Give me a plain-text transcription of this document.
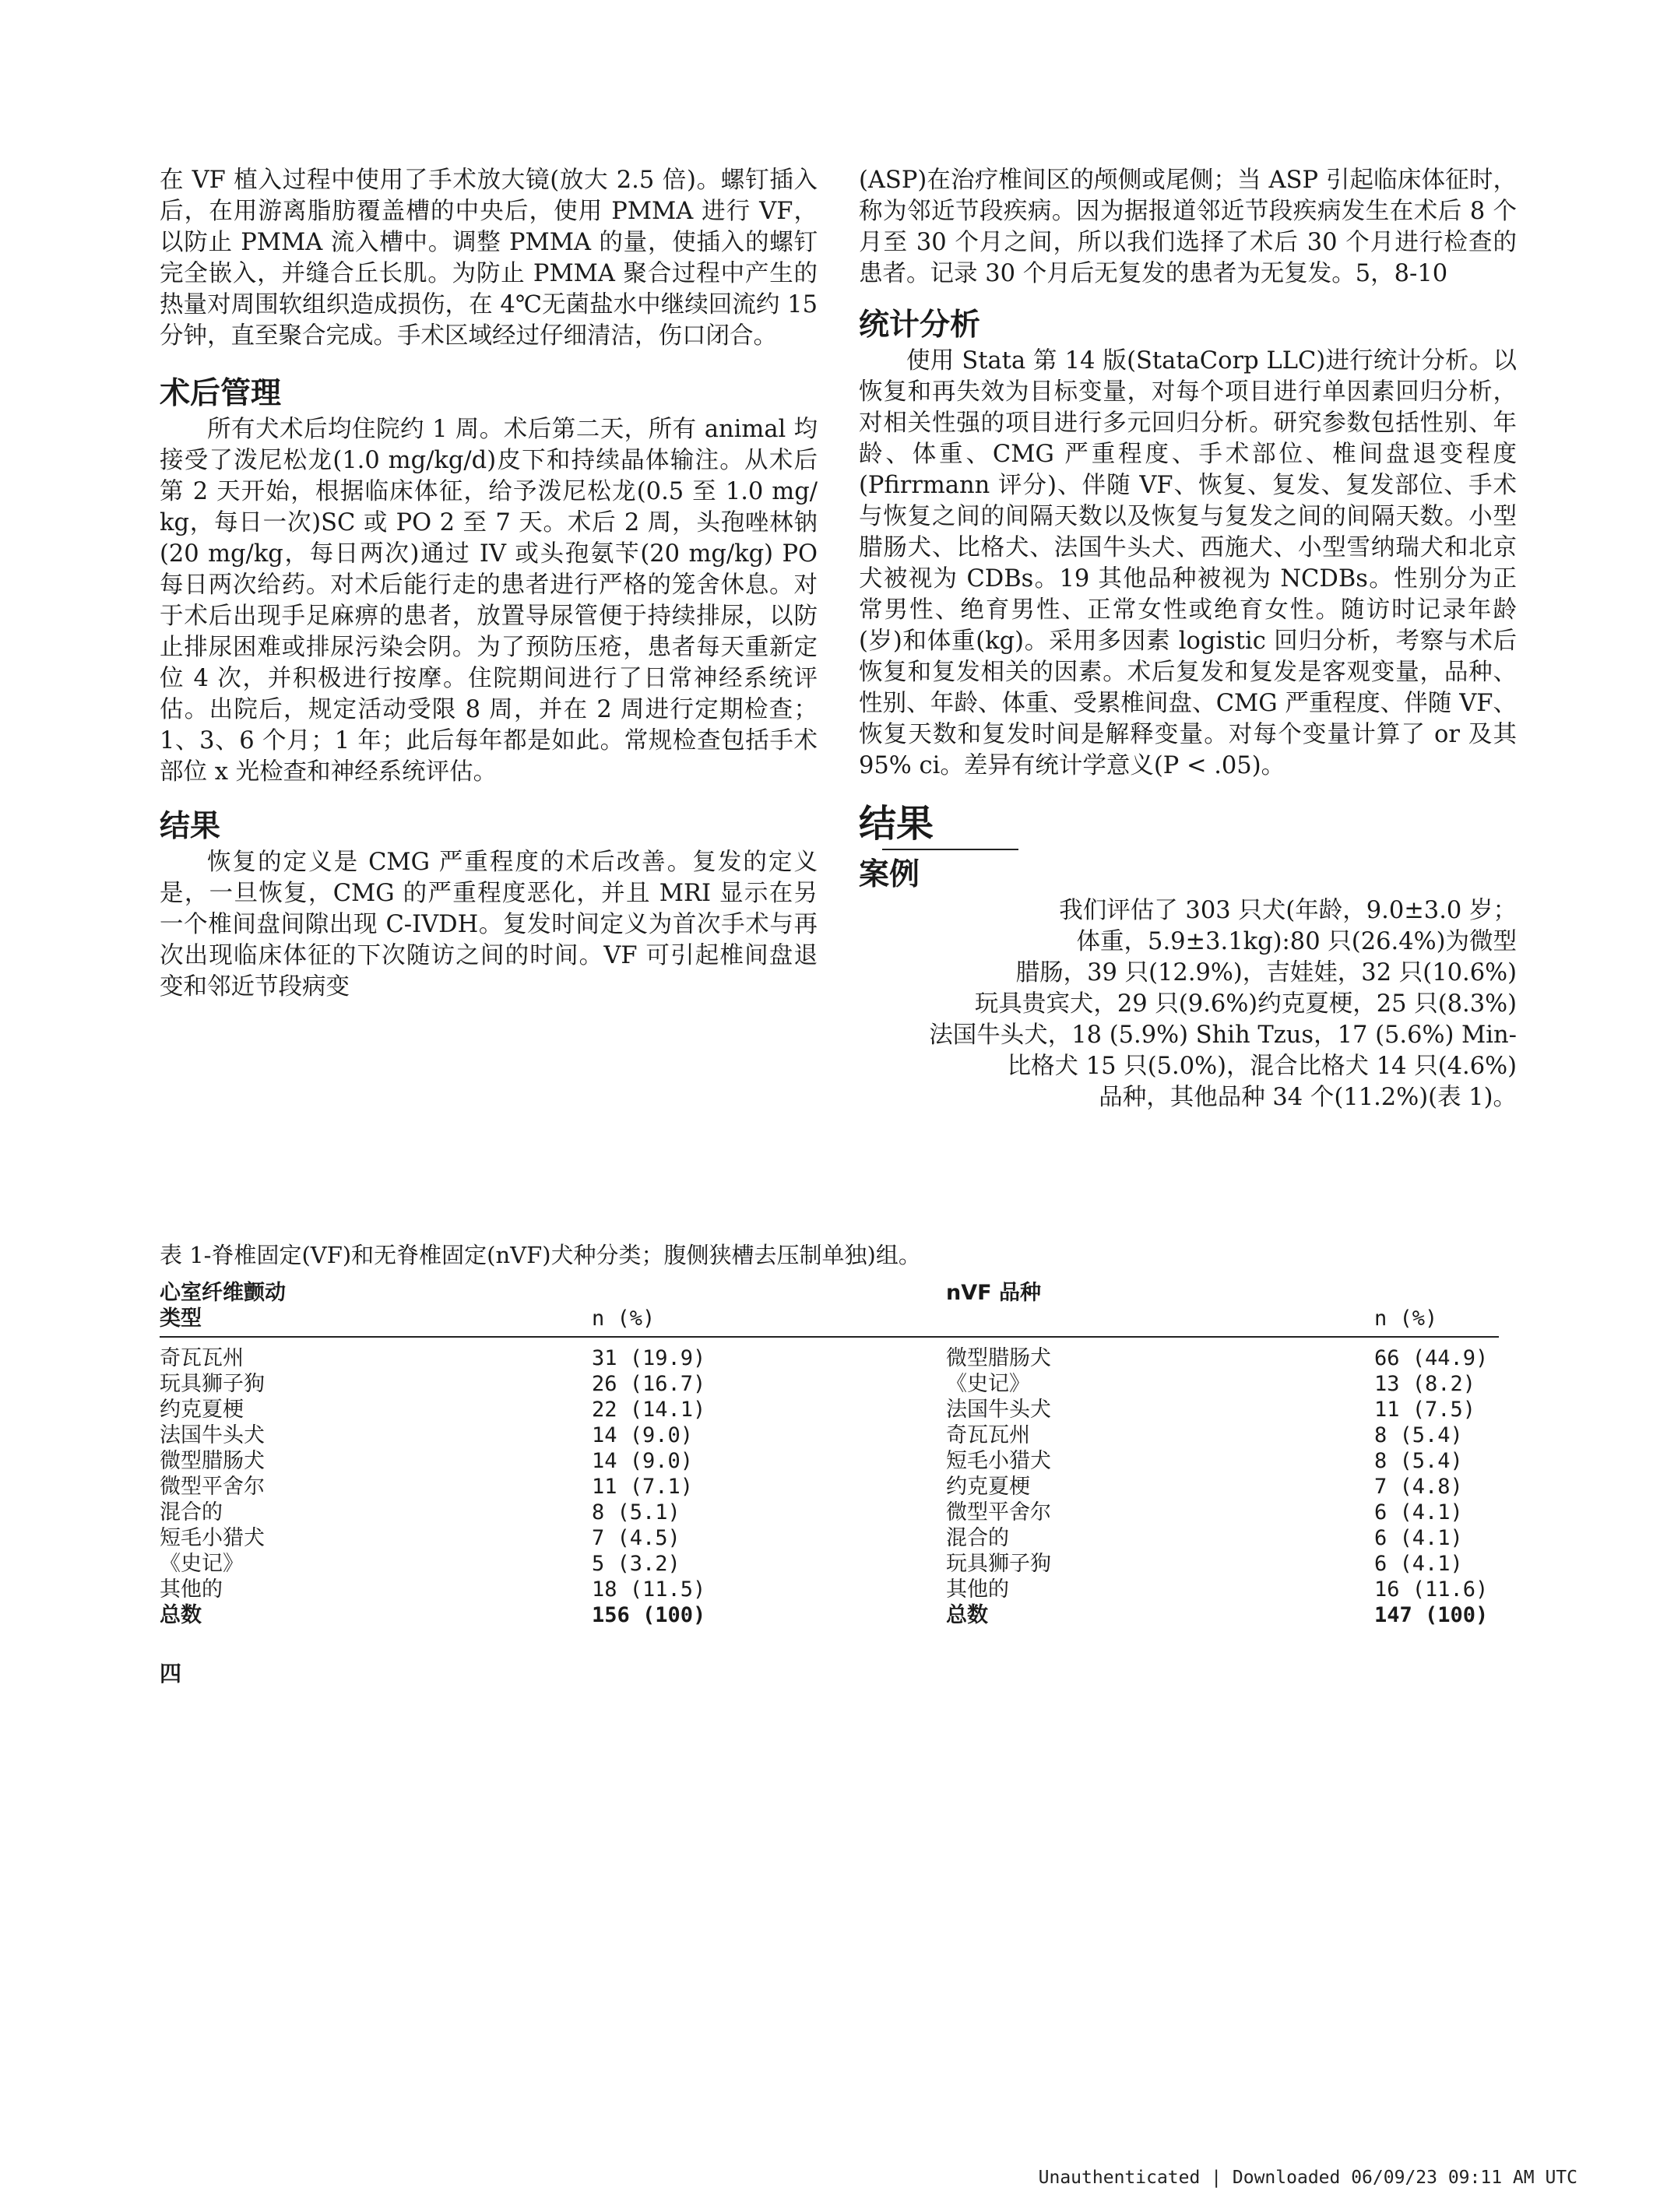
在 VF 植入过程中使用了手术放大镜(放大 2.5 倍)。螺钉插入后，在用游离脂肪覆盖槽的中央后，使用 PMMA 进行 VF，以防止 PMMA 流入槽中。调整 PMMA 的量，使插入的螺钉完全嵌入，并缝合丘长肌。为防止 PMMA 聚合过程中产生的热量对周围软组织造成损伤，在 4℃无菌盐水中继续回流约 15 分钟，直至聚合完成。手术区域经过仔细清洁，伤口闭合。

术后管理

所有犬术后均住院约 1 周。术后第二天，所有 animal 均接受了泼尼松龙(1.0 mg/kg/d)皮下和持续晶体输注。从术后第 2 天开始，根据临床体征，给予泼尼松龙(0.5 至 1.0 mg/ kg，每日一次)SC 或 PO 2 至 7 天。术后 2 周，头孢唑林钠(20 mg/kg，每日两次)通过 IV 或头孢氨苄(20 mg/kg) PO 每日两次给药。对术后能行走的患者进行严格的笼舍休息。对于术后出现手足麻痹的患者，放置导尿管便于持续排尿，以防止排尿困难或排尿污染会阴。为了预防压疮，患者每天重新定位 4 次，并积极进行按摩。住院期间进行了日常神经系统评估。出院后，规定活动受限 8 周，并在 2 周进行定期检查；1、3、6 个月；1 年；此后每年都是如此。常规检查包括手术部位 x 光检查和神经系统评估。

结果

恢复的定义是 CMG 严重程度的术后改善。复发的定义是，一旦恢复，CMG 的严重程度恶化，并且 MRI 显示在另一个椎间盘间隙出现 C-IVDH。复发时间定义为首次手术与再次出现临床体征的下次随访之间的时间。VF 可引起椎间盘退变和邻近节段病变

(ASP)在治疗椎间区的颅侧或尾侧；当 ASP 引起临床体征时，称为邻近节段疾病。因为据报道邻近节段疾病发生在术后 8 个月至 30 个月之间，所以我们选择了术后 30 个月进行检查的患者。记录 30 个月后无复发的患者为无复发。5，8-10

统计分析

使用 Stata 第 14 版(StataCorp LLC)进行统计分析。以恢复和再失效为目标变量，对每个项目进行单因素回归分析，对相关性强的项目进行多元回归分析。研究参数包括性别、年龄、体重、CMG 严重程度、手术部位、椎间盘退变程度(Pfirrmann 评分)、伴随 VF、恢复、复发、复发部位、手术与恢复之间的间隔天数以及恢复与复发之间的间隔天数。小型腊肠犬、比格犬、法国牛头犬、西施犬、小型雪纳瑞犬和北京犬被视为 CDBs。19 其他品种被视为 NCDBs。性别分为正常男性、绝育男性、正常女性或绝育女性。随访时记录年龄(岁)和体重(kg)。采用多因素 logistic 回归分析，考察与术后恢复和复发相关的因素。术后复发和复发是客观变量，品种、性别、年龄、体重、受累椎间盘、CMG 严重程度、伴随 VF、恢复天数和复发时间是解释变量。对每个变量计算了 or 及其 95% ci。差异有统计学意义(P < .05)。

结果
案例

我们评估了 303 只犬(年龄，9.0±3.0 岁；
体重，5.9±3.1kg):80 只(26.4%)为微型
腊肠，39 只(12.9%)，吉娃娃，32 只(10.6%)
玩具贵宾犬，29 只(9.6%)约克夏梗，25 只(8.3%)
法国牛头犬，18 (5.9%) Shih Tzus，17 (5.6%) Min-
比格犬 15 只(5.0%)，混合比格犬 14 只(4.6%)
品种，其他品种 34 个(11.2%)(表 1)。

表 1-脊椎固定(VF)和无脊椎固定(nVF)犬种分类；腹侧狭槽去压制单独)组。

心室纤维颤动
类型	n (%)	nVF 品种	n (%)
奇瓦瓦州	31 (19.9)	微型腊肠犬	66 (44.9)
玩具狮子狗	26 (16.7)	《史记》	13 (8.2)
约克夏梗	22 (14.1)	法国牛头犬	11 (7.5)
法国牛头犬	14 (9.0)	奇瓦瓦州	8 (5.4)
微型腊肠犬	14 (9.0)	短毛小猎犬	8 (5.4)
微型平舍尔	11 (7.1)	约克夏梗	7 (4.8)
混合的	8 (5.1)	微型平舍尔	6 (4.1)
短毛小猎犬	7 (4.5)	混合的	6 (4.1)
《史记》	5 (3.2)	玩具狮子狗	6 (4.1)
其他的	18 (11.5)	其他的	16 (11.6)
总数	156 (100)	总数	147 (100)

四

Unauthenticated | Downloaded 06/09/23 09:11 AM UTC
